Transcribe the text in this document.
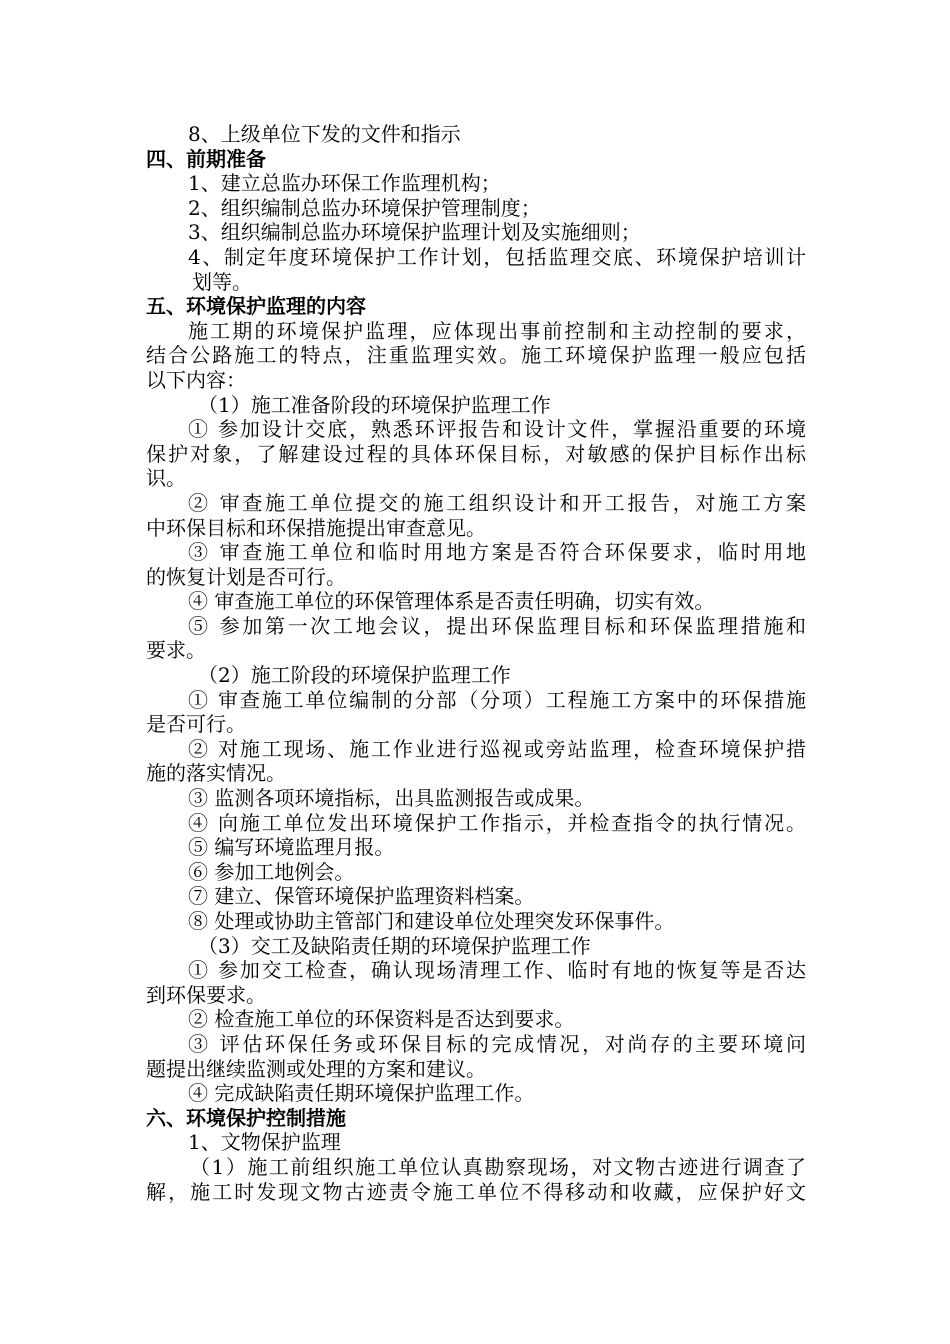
8、上级单位下发的文件和指示
四、前期准备
1、建立总监办环保工作监理机构；
2、组织编制总监办环境保护管理制度；
3、组织编制总监办环境保护监理计划及实施细则；
4、制定年度环境保护工作计划，包括监理交底、环境保护培训计
划等。
五、环境保护监理的内容
施工期的环境保护监理，应体现出事前控制和主动控制的要求，
结合公路施工的特点，注重监理实效。施工环境保护监理一般应包括
以下内容：
（1）施工准备阶段的环境保护监理工作
① 参加设计交底，熟悉环评报告和设计文件，掌握沿重要的环境
保护对象，了解建设过程的具体环保目标，对敏感的保护目标作出标
识。
② 审查施工单位提交的施工组织设计和开工报告，对施工方案
中环保目标和环保措施提出审查意见。
③ 审查施工单位和临时用地方案是否符合环保要求，临时用地
的恢复计划是否可行。
④ 审查施工单位的环保管理体系是否责任明确，切实有效。
⑤ 参加第一次工地会议，提出环保监理目标和环保监理措施和
要求。
（2）施工阶段的环境保护监理工作
① 审查施工单位编制的分部（分项）工程施工方案中的环保措施
是否可行。
② 对施工现场、施工作业进行巡视或旁站监理，检查环境保护措
施的落实情况。
③ 监测各项环境指标，出具监测报告或成果。
④ 向施工单位发出环境保护工作指示，并检查指令的执行情况。
⑤ 编写环境监理月报。
⑥ 参加工地例会。
⑦ 建立、保管环境保护监理资料档案。
⑧ 处理或协助主管部门和建设单位处理突发环保事件。
（3）交工及缺陷责任期的环境保护监理工作
① 参加交工检查，确认现场清理工作、临时有地的恢复等是否达
到环保要求。
② 检查施工单位的环保资料是否达到要求。
③ 评估环保任务或环保目标的完成情况，对尚存的主要环境问
题提出继续监测或处理的方案和建议。
④ 完成缺陷责任期环境保护监理工作。
六、环境保护控制措施
1、文物保护监理
（1）施工前组织施工单位认真勘察现场，对文物古迹进行调查了
解，施工时发现文物古迹责令施工单位不得移动和收藏，应保护好文
